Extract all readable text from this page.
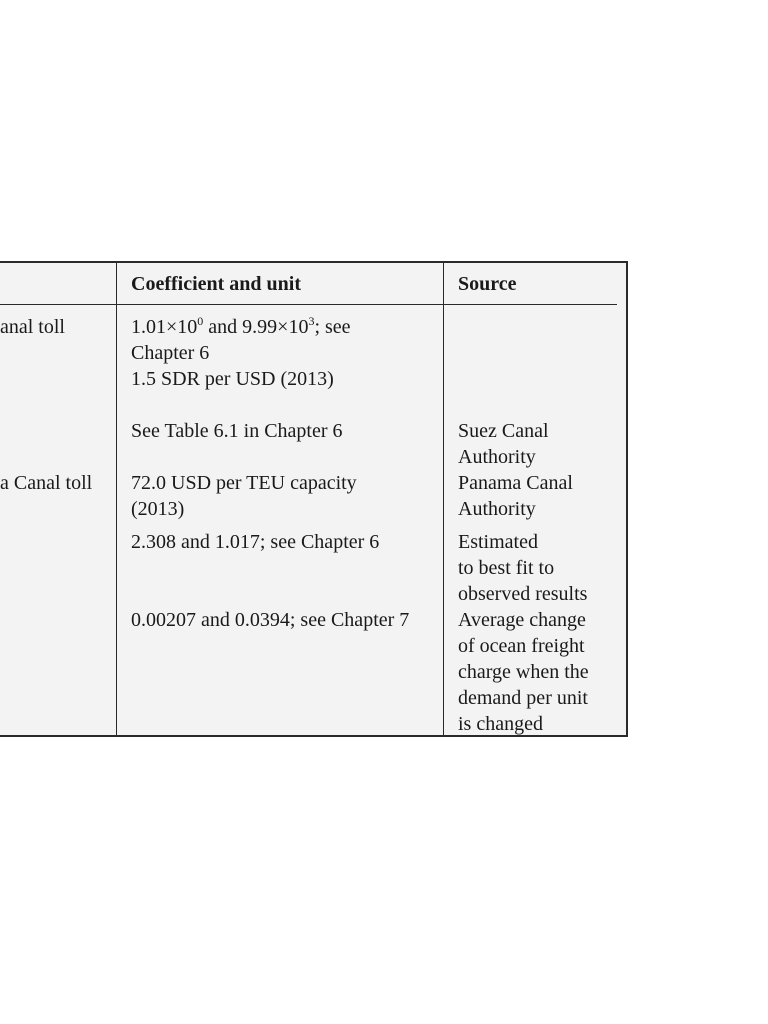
Coefficient and unit	Source
anal toll
a Canal toll
$1.01\times 10^0$ and $9.99\times 10^3$; see
Chapter 6
1.5 SDR per USD (2013)
See Table 6.1 in Chapter 6
72.0 USD per TEU capacity
(2013)
2.308 and 1.017; see Chapter 6
0.00207 and 0.0394; see Chapter 7
Suez Canal
Authority
Panama Canal
Authority
Estimated
to best fit to
observed results
Average change
of ocean freight
charge when the
demand per unit
is changed
